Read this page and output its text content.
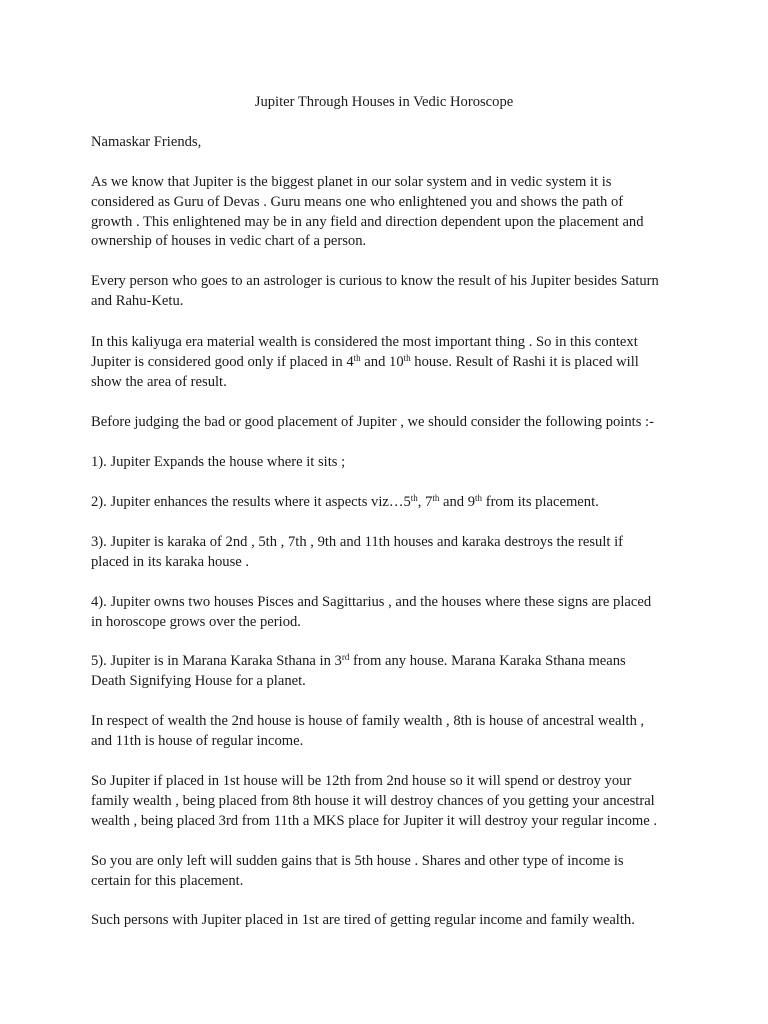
Jupiter Through Houses in Vedic Horoscope

Namaskar Friends,

As we know that Jupiter is the biggest planet in our solar system and in vedic system it is
considered as Guru of Devas . Guru means one who enlightened you and shows the path of
growth . This enlightened may be in any field and direction dependent upon the placement and
ownership of houses in vedic chart of a person.

Every person who goes to an astrologer is curious to know the result of his Jupiter besides Saturn
and Rahu-Ketu.

In this kaliyuga era material wealth is considered the most important thing . So in this context
Jupiter is considered good only if placed in 4th and 10th house. Result of Rashi it is placed will
show the area of result.

Before judging the bad or good placement of Jupiter , we should consider the following points :-

1). Jupiter Expands the house where it sits ;

2). Jupiter enhances the results where it aspects viz…5th, 7th and 9th from its placement.

3). Jupiter is karaka of 2nd , 5th , 7th , 9th and 11th houses and karaka destroys the result if
placed in its karaka house .

4). Jupiter owns two houses Pisces and Sagittarius , and the houses where these signs are placed
in horoscope grows over the period.

5). Jupiter is in Marana Karaka Sthana in 3rd from any house. Marana Karaka Sthana means
Death Signifying House for a planet.

In respect of wealth the 2nd house is house of family wealth , 8th is house of ancestral wealth ,
and 11th is house of regular income.

So Jupiter if placed in 1st house will be 12th from 2nd house so it will spend or destroy your
family wealth , being placed from 8th house it will destroy chances of you getting your ancestral
wealth , being placed 3rd from 11th a MKS place for Jupiter it will destroy your regular income .

So you are only left will sudden gains that is 5th house . Shares and other type of income is
certain for this placement.

Such persons with Jupiter placed in 1st are tired of getting regular income and family wealth.
